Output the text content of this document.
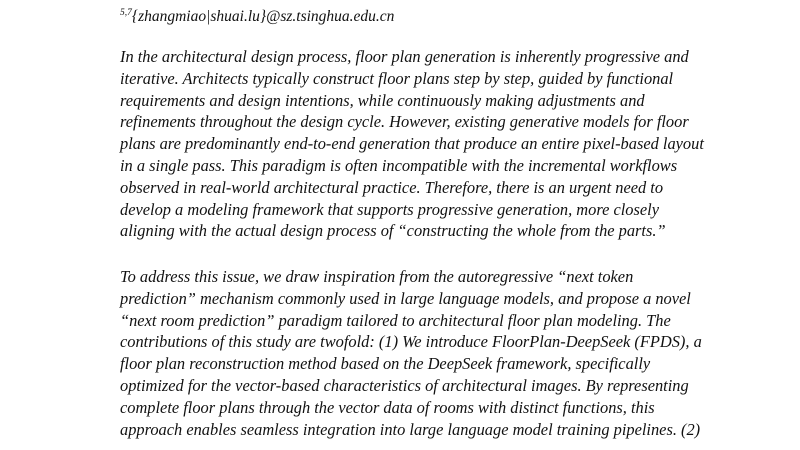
$^{5,7}${zhangmiao|shuai.lu}@sz.tsinghua.edu.cn
In the architectural design process, floor plan generation is inherently progressive and
iterative. Architects typically construct floor plans step by step, guided by functional
requirements and design intentions, while continuously making adjustments and
refinements throughout the design cycle. However, existing generative models for floor
plans are predominantly end-to-end generation that produce an entire pixel-based layout
in a single pass. This paradigm is often incompatible with the incremental workflows
observed in real-world architectural practice. Therefore, there is an urgent need to
develop a modeling framework that supports progressive generation, more closely
aligning with the actual design process of “constructing the whole from the parts.”
To address this issue, we draw inspiration from the autoregressive “next token
prediction” mechanism commonly used in large language models, and propose a novel
“next room prediction” paradigm tailored to architectural floor plan modeling. The
contributions of this study are twofold: (1) We introduce FloorPlan-DeepSeek (FPDS), a
floor plan reconstruction method based on the DeepSeek framework, specifically
optimized for the vector-based characteristics of architectural images. By representing
complete floor plans through the vector data of rooms with distinct functions, this
approach enables seamless integration into large language model training pipelines. (2)
